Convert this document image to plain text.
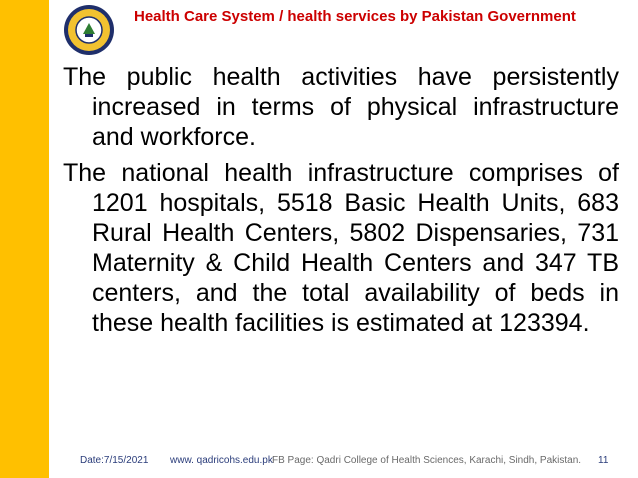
Health Care System / health services by Pakistan Government

The public health activities have persistently increased in terms of physical infrastructure and workforce.

The national health infrastructure comprises of 1201 hospitals, 5518 Basic Health Units, 683 Rural Health Centers, 5802 Dispensaries, 731 Maternity & Child Health Centers and 347 TB centers, and the total availability of beds in these health facilities is estimated at 123394.

Date:7/15/2021 www. qadricohs.edu.pk FB Page: Qadri College of Health Sciences, Karachi, Sindh, Pakistan. 11
